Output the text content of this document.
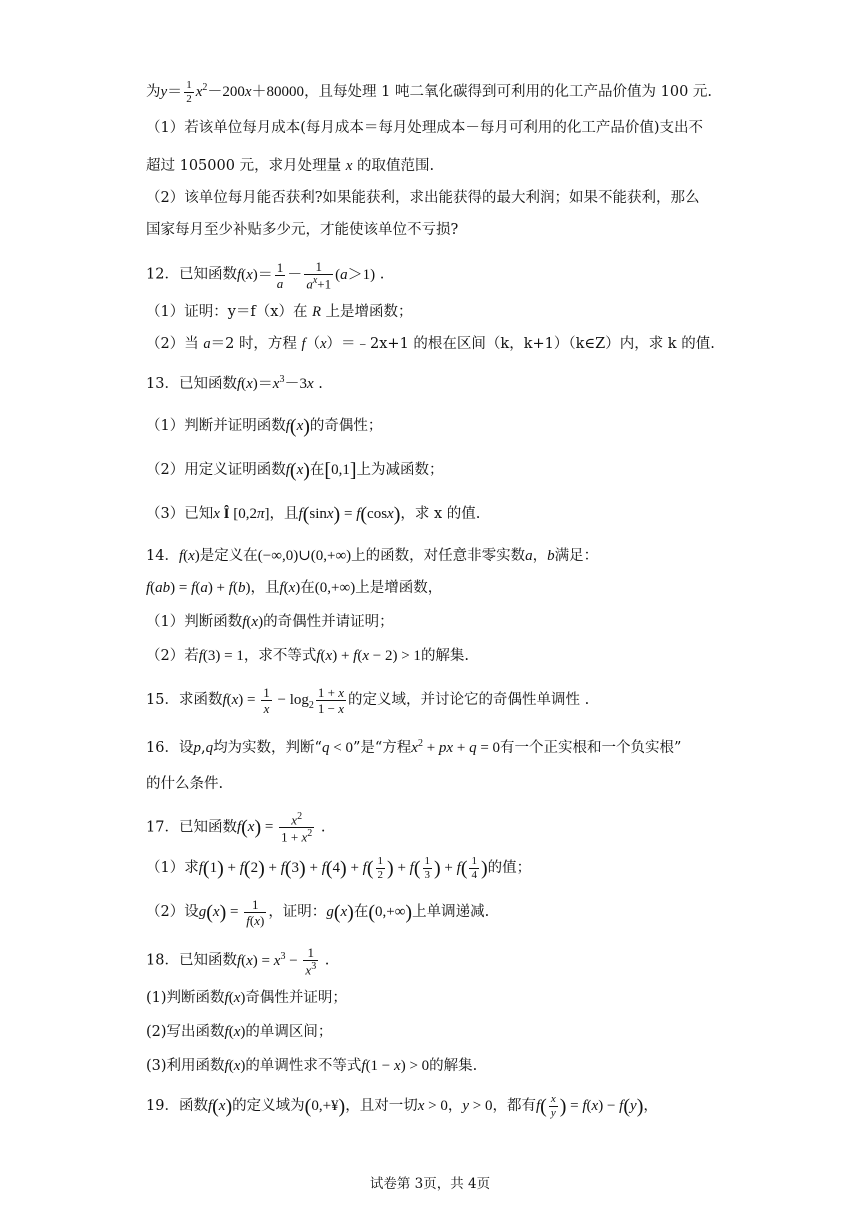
为$y= \frac{1}{2} x^2-200x+80000$，且每处理 1 吨二氧化碳得到可利用的化工产品价值为 100 元.
（1）若该单位每月成本(每月成本＝每月处理成本－每月可利用的化工产品价值)支出不
超过 105000 元，求月处理量 x 的取值范围.
（2）该单位每月能否获利?如果能获利，求出能获得的最大利润；如果不能获利，那么
国家每月至少补贴多少元，才能使该单位不亏损?
12．已知函数$f(x)= \frac{1}{a} - \frac{1}{a^x+1} (a>1)$ .
（1）证明：y＝f（x）在 R 上是增函数；
（2）当 a＝2 时，方程 f（x）＝﹣2x+1 的根在区间（k，k+1）（k∈Z）内，求 k 的值.
13．已知函数$f(x)=x^3-3x$ .
（1）判断并证明函数f(x)的奇偶性；
（2）用定义证明函数f(x)在[0,1]上为减函数；
（3）已知x Î [0,2π]，且f(sinx) = f(cosx)，求 x 的值.
14．f(x)是定义在(−∞,0)∪(0,+∞)上的函数，对任意非零实数a，b满足：
f(ab) = f(a) + f(b)，且f(x)在(0,+∞)上是增函数，
（1）判断函数f(x)的奇偶性并请证明；
（2）若f(3) = 1，求不等式f(x) + f(x − 2) > 1的解集.
15．求函数$f(x) = \frac{1}{x} - \log_2 \frac{1 + x}{1 - x}$ 的定义域，并讨论它的奇偶性单调性 .
16．设p,q均为实数，判断“q < 0”是“方程$x^2$ + px + q = 0有一个正实根和一个负实根”
的什么条件.
17．已知函数$f(x) = \frac{x^2}{1 + x^2}$ .
（1）求$f(1) + f(2) + f(3) + f(4) + f( \frac{1}{2}$ ) + $f( \frac{1}{3}$ ) + $f( \frac{1}{4}$ )的值；
（2）设$g(x) = \frac{1}{f(x)}$ ，证明：g(x)在(0,+∞)上单调递减.
18．已知函数$f(x) = x^3 - \frac{1}{x^3}$ .
(1)判断函数f(x)奇偶性并证明；
(2)写出函数f(x)的单调区间；
(3)利用函数f(x)的单调性求不等式f(1 − x) > 0的解集.
19．函数f(x)的定义域为(0,+¥)，且对一切x > 0，y > 0，都有$f( \frac{x}{y}$ ) = f(x) − f(y)，
试卷第 3页，共 4页
